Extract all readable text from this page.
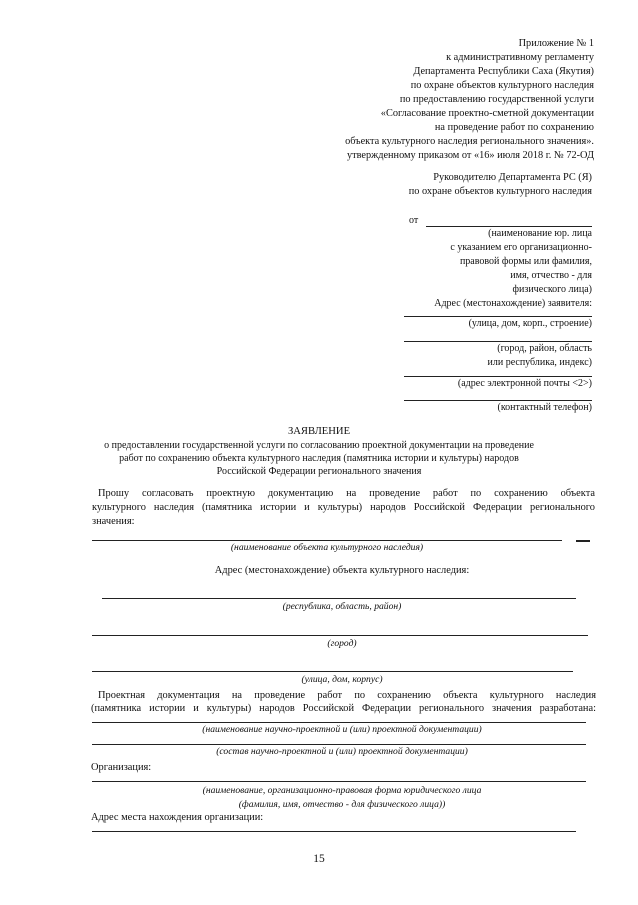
Приложение № 1
к административному регламенту
Департамента Республики Саха (Якутия)
по охране объектов культурного наследия
по предоставлению государственной услуги
«Согласование проектно-сметной документации
на проведение работ по сохранению
объекта культурного наследия регионального значения».
утвержденному приказом от «16» июля 2018 г. № 72-ОД
Руководителю Департамента РС (Я)
по охране объектов культурного наследия
от
(наименование юр. лица
с указанием его организационно-
правовой формы или фамилия,
имя, отчество - для
физического лица)
Адрес (местонахождение) заявителя:
(улица, дом, корп., строение)
(город, район, область
или республика, индекс)
(адрес электронной почты <2>)
(контактный телефон)
ЗАЯВЛЕНИЕ
о предоставлении государственной услуги по согласованию проектной документации на проведение
работ по сохранению объекта культурного наследия (памятника истории и культуры) народов
Российской Федерации регионального значения
Прошу согласовать проектную документацию на проведение работ по сохранению объекта
культурного наследия (памятника истории и культуры) народов Российской Федерации регионального
значения:
(наименование объекта культурного наследия)
Адрес (местонахождение) объекта культурного наследия:
(республика, область, район)
(город)
(улица, дом, корпус)
Проектная документация на проведение работ по сохранению объекта культурного наследия
(памятника истории и культуры) народов Российской Федерации регионального значения разработана:
(наименование научно-проектной и (или) проектной документации)
(состав научно-проектной и (или) проектной документации)
Организация:
(наименование, организационно-правовая форма юридического лица
(фамилия, имя, отчество - для физического лица))
Адрес места нахождения организации:
15
